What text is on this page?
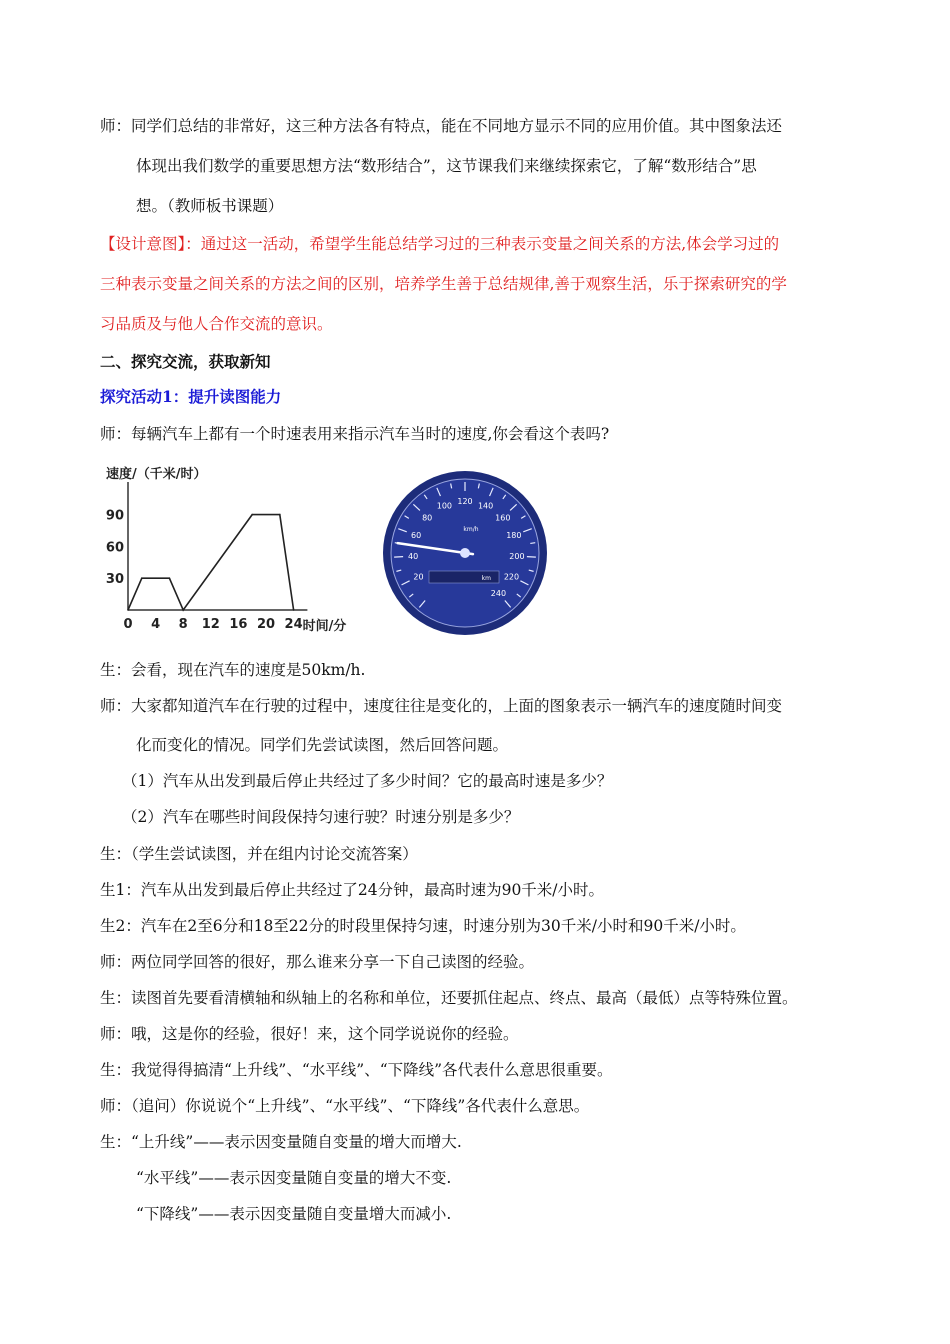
师：同学们总结的非常好，这三种方法各有特点，能在不同地方显示不同的应用价值。其中图象法还
体现出我们数学的重要思想方法“数形结合”，这节课我们来继续探索它，了解“数形结合”思
想。（教师板书课题）
【设计意图】：通过这一活动，希望学生能总结学习过的三种表示变量之间关系的方法,体会学习过的
三种表示变量之间关系的方法之间的区别，培养学生善于总结规律,善于观察生活，乐于探索研究的学
习品质及与他人合作交流的意识。
二、探究交流，获取新知
探究活动1：提升读图能力
师：每辆汽车上都有一个时速表用来指示汽车当时的速度,你会看这个表吗?
30
60
90
0 4 8 12 16 20 24
速度/（千米/时）
时间/分
20
40
60
80
100 120 140
160
180
200
220
240
km/h
km
生：会看，现在汽车的速度是50km/h.
师：大家都知道汽车在行驶的过程中，速度往往是变化的，上面的图象表示一辆汽车的速度随时间变
化而变化的情况。同学们先尝试读图，然后回答问题。
（1）汽车从出发到最后停止共经过了多少时间？它的最高时速是多少？
（2）汽车在哪些时间段保持匀速行驶？时速分别是多少？
生：（学生尝试读图，并在组内讨论交流答案）
生1：汽车从出发到最后停止共经过了24分钟，最高时速为90千米/小时。
生2：汽车在2至6分和18至22分的时段里保持匀速，时速分别为30千米/小时和90千米/小时。
师：两位同学回答的很好，那么谁来分享一下自己读图的经验。
生：读图首先要看清横轴和纵轴上的名称和单位，还要抓住起点、终点、最高（最低）点等特殊位置。
师：哦，这是你的经验，很好！来，这个同学说说你的经验。
生：我觉得得搞清“上升线”、“水平线”、“下降线”各代表什么意思很重要。
师：（追问）你说说个“上升线”、“水平线”、“下降线”各代表什么意思。
生：“上升线”——表示因变量随自变量的增大而增大.
“水平线”——表示因变量随自变量的增大不变.
“下降线”——表示因变量随自变量增大而减小.
